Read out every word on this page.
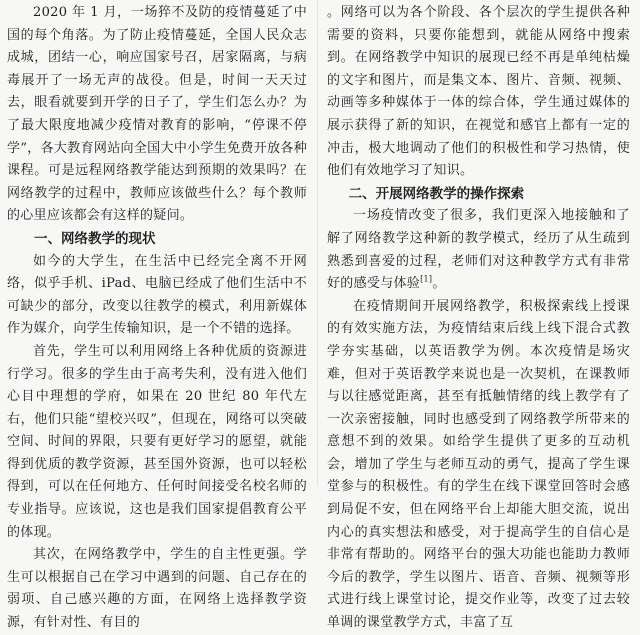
2020 年 1 月，一场猝不及防的疫情蔓延了中国的每个角落。为了防止疫情蔓延，全国人民众志成城，团结一心，响应国家号召，居家隔离，与病毒展开了一场无声的战役。但是，时间一天天过去，眼看就要到开学的日子了，学生们怎么办？为了最大限度地减少疫情对教育的影响，“停课不停学”，各大教育网站向全国大中小学生免费开放各种课程。可是远程网络教学能达到预期的效果吗？在网络教学的过程中，教师应该做些什么？每个教师的心里应该都会有这样的疑问。

一、网络教学的现状

如今的大学生，在生活中已经完全离不开网络，似乎手机、iPad、电脑已经成了他们生活中不可缺少的部分，改变以往教学的模式，利用新媒体作为媒介，向学生传输知识，是一个不错的选择。

首先，学生可以利用网络上各种优质的资源进行学习。很多的学生由于高考失利，没有进入他们心目中理想的学府，如果在 20 世纪 80 年代左右，他们只能“望校兴叹”，但现在，网络可以突破空间、时间的界限，只要有更好学习的愿望，就能得到优质的教学资源，甚至国外资源，也可以轻松得到，可以在任何地方、任何时间接受名校名师的专业指导。应该说，这也是我们国家提倡教育公平的体现。

其次，在网络教学中，学生的自主性更强。学生可以根据自己在学习中遇到的问题、自己存在的弱项、自己感兴趣的方面，在网络上选择教学资源，有针对性、有目的

。网络可以为各个阶段、各个层次的学生提供各种需要的资料，只要你能想到，就能从网络中搜索到。在网络教学中知识的展现已经不再是单纯枯燥的文字和图片，而是集文本、图片、音频、视频、动画等多种媒体于一体的综合体，学生通过媒体的展示获得了新的知识，在视觉和感官上都有一定的冲击，极大地调动了他们的积极性和学习热情，使他们有效地学习了知识。

二、开展网络教学的操作探索

一场疫情改变了很多，我们更深入地接触和了解了网络教学这种新的教学模式，经历了从生疏到熟悉到喜爱的过程，老师们对这种教学方式有非常好的感受与体验[1]。

在疫情期间开展网络教学，积极探索线上授课的有效实施方法，为疫情结束后线上线下混合式教学夯实基础，以英语教学为例。本次疫情是场灾难，但对于英语教学来说也是一次契机，在课教师与以往感觉距离，甚至有抵触情绪的线上教学有了一次亲密接触，同时也感受到了网络教学所带来的意想不到的效果。如给学生提供了更多的互动机会，增加了学生与老师互动的勇气，提高了学生课堂参与的积极性。有的学生在线下课堂回答时会感到局促不安，但在网络平台上却能大胆交流，说出内心的真实想法和感受，对于提高学生的自信心是非常有帮助的。网络平台的强大功能也能助力教师今后的教学，学生以图片、语音、音频、视频等形式进行线上课堂讨论，提交作业等，改变了过去较单调的课堂教学方式，丰富了互
